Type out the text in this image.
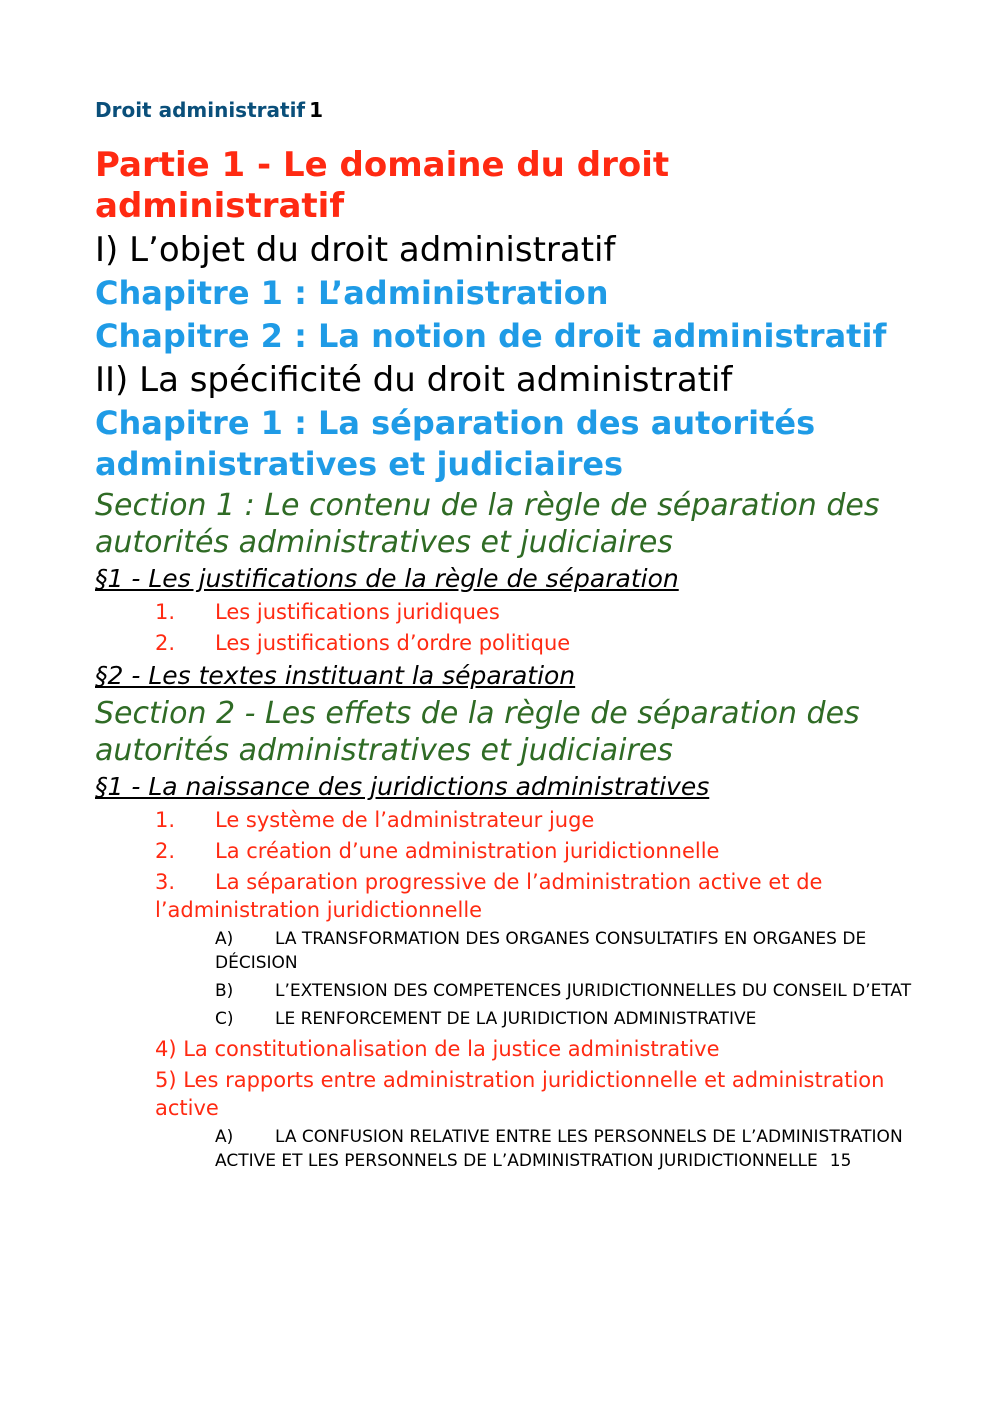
Droit administratif 1
Partie 1 - Le domaine du droit administratif
I) L’objet du droit administratif
Chapitre 1 : L’administration
Chapitre 2 : La notion de droit administratif
II) La spécificité du droit administratif
Chapitre 1 : La séparation des autorités administratives et judiciaires
Section 1 : Le contenu de la règle de séparation des autorités administratives et judiciaires
§1 - Les justifications de la règle de séparation
1. Les justifications juridiques
2. Les justifications d’ordre politique
§2 - Les textes instituant la séparation
Section 2 - Les effets de la règle de séparation des autorités administratives et judiciaires
§1 - La naissance des juridictions administratives
1. Le système de l’administrateur juge
2. La création d’une administration juridictionnelle
3. La séparation progressive de l’administration active et de l’administration juridictionnelle
A) LA TRANSFORMATION DES ORGANES CONSULTATIFS EN ORGANES DE DÉCISION
B) L’EXTENSION DES COMPETENCES JURIDICTIONNELLES DU CONSEIL D’ETAT
C) LE RENFORCEMENT DE LA JURIDICTION ADMINISTRATIVE
4) La constitutionalisation de la justice administrative
5) Les rapports entre administration juridictionnelle et administration active
A) LA CONFUSION RELATIVE ENTRE LES PERSONNELS DE L’ADMINISTRATION ACTIVE ET LES PERSONNELS DE L’ADMINISTRATION JURIDICTIONNELLE 15
